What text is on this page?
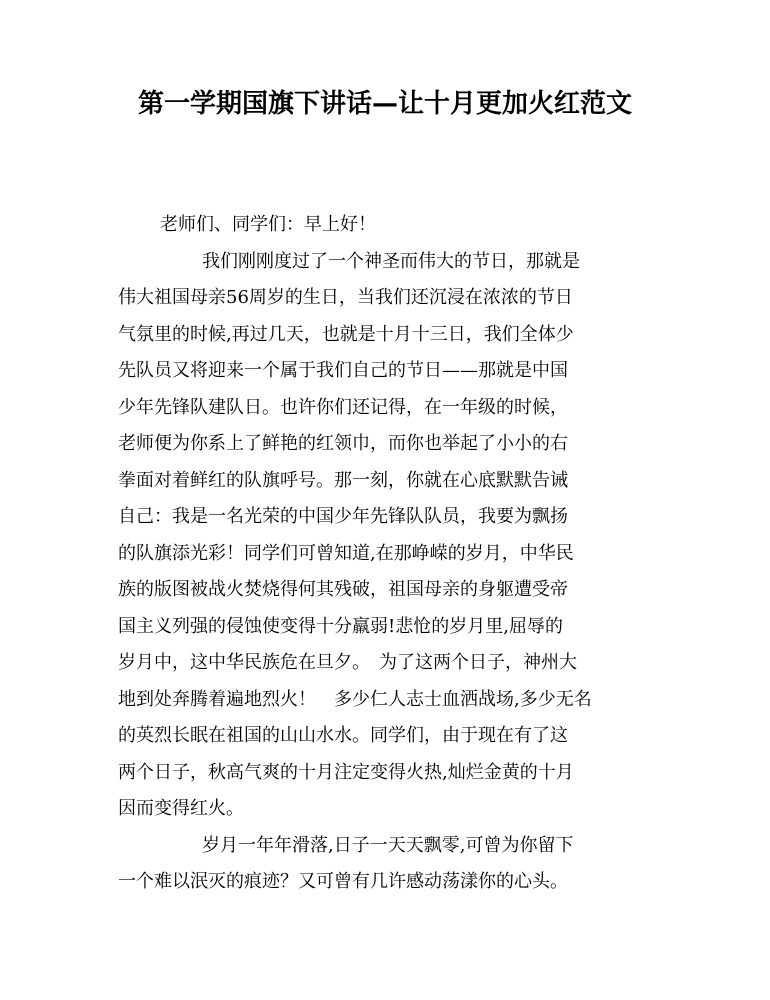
第一学期国旗下讲话—让十月更加火红范文
老师们、同学们：早上好！
我们刚刚度过了一个神圣而伟大的节日，那就是
伟大祖国母亲56周岁的生日，当我们还沉浸在浓浓的节日
气氛里的时候,再过几天，也就是十月十三日，我们全体少
先队员又将迎来一个属于我们自己的节日——那就是中国
少年先锋队建队日。也许你们还记得，在一年级的时候，
老师便为你系上了鲜艳的红领巾，而你也举起了小小的右
拳面对着鲜红的队旗呼号。那一刻，你就在心底默默告诫
自己：我是一名光荣的中国少年先锋队队员，我要为飘扬
的队旗添光彩！同学们可曾知道,在那峥嵘的岁月，中华民
族的版图被战火焚烧得何其残破，祖国母亲的身躯遭受帝
国主义列强的侵蚀使变得十分羸弱!悲怆的岁月里,屈辱的
岁月中，这中华民族危在旦夕。　为了这两个日子，神州大
地到处奔腾着遍地烈火！　多少仁人志士血洒战场,多少无名
的英烈长眠在祖国的山山水水。同学们，由于现在有了这
两个日子，秋高气爽的十月注定变得火热,灿烂金黄的十月
因而变得红火。
岁月一年年滑落,日子一天天飘零,可曾为你留下
一个难以泯灭的痕迹？又可曾有几许感动荡漾你的心头。
